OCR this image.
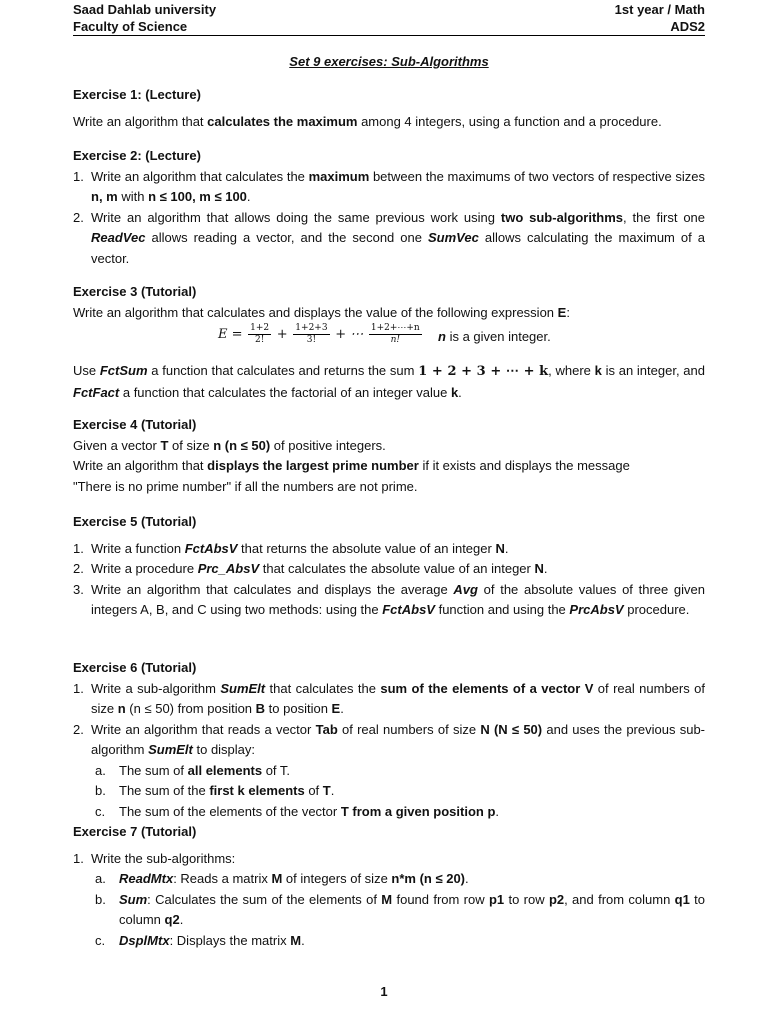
Saad Dahlab university
Faculty of Science
1st year / Math
ADS2
Set 9 exercises: Sub-Algorithms
Exercise 1: (Lecture)
Write an algorithm that calculates the maximum among 4 integers, using a function and a procedure.
Exercise 2: (Lecture)
1. Write an algorithm that calculates the maximum between the maximums of two vectors of respective sizes n, m with n ≤ 100, m ≤ 100.
2. Write an algorithm that allows doing the same previous work using two sub-algorithms, the first one ReadVec allows reading a vector, and the second one SumVec allows calculating the maximum of a vector.
Exercise 3 (Tutorial)
Write an algorithm that calculates and displays the value of the following expression E:
$E = \frac{1+2}{2!} + \frac{1+2+3}{3!}$ + ⋯ $\frac{1+2+\cdots+n}{n!}$ n is a given integer.
Use FctSum a function that calculates and returns the sum 1 + 2 + 3 + ⋯ + k, where k is an integer, and FctFact a function that calculates the factorial of an integer value k.
Exercise 4 (Tutorial)
Given a vector T of size n (n ≤ 50) of positive integers.
Write an algorithm that displays the largest prime number if it exists and displays the message
"There is no prime number" if all the numbers are not prime.
Exercise 5 (Tutorial)
1. Write a function FctAbsV that returns the absolute value of an integer N.
2. Write a procedure Prc_AbsV that calculates the absolute value of an integer N.
3. Write an algorithm that calculates and displays the average Avg of the absolute values of three given integers A, B, and C using two methods: using the FctAbsV function and using the PrcAbsV procedure.
Exercise 6 (Tutorial)
1. Write a sub-algorithm SumElt that calculates the sum of the elements of a vector V of real numbers of size n (n ≤ 50) from position B to position E.
2. Write an algorithm that reads a vector Tab of real numbers of size N (N ≤ 50) and uses the previous sub-algorithm SumElt to display:
a. The sum of all elements of T.
b. The sum of the first k elements of T.
c. The sum of the elements of the vector T from a given position p.
Exercise 7 (Tutorial)
1. Write the sub-algorithms:
a. ReadMtx: Reads a matrix M of integers of size n*m (n ≤ 20).
b. Sum: Calculates the sum of the elements of M found from row p1 to row p2, and from column q1 to column q2.
c. DsplMtx: Displays the matrix M.
1
